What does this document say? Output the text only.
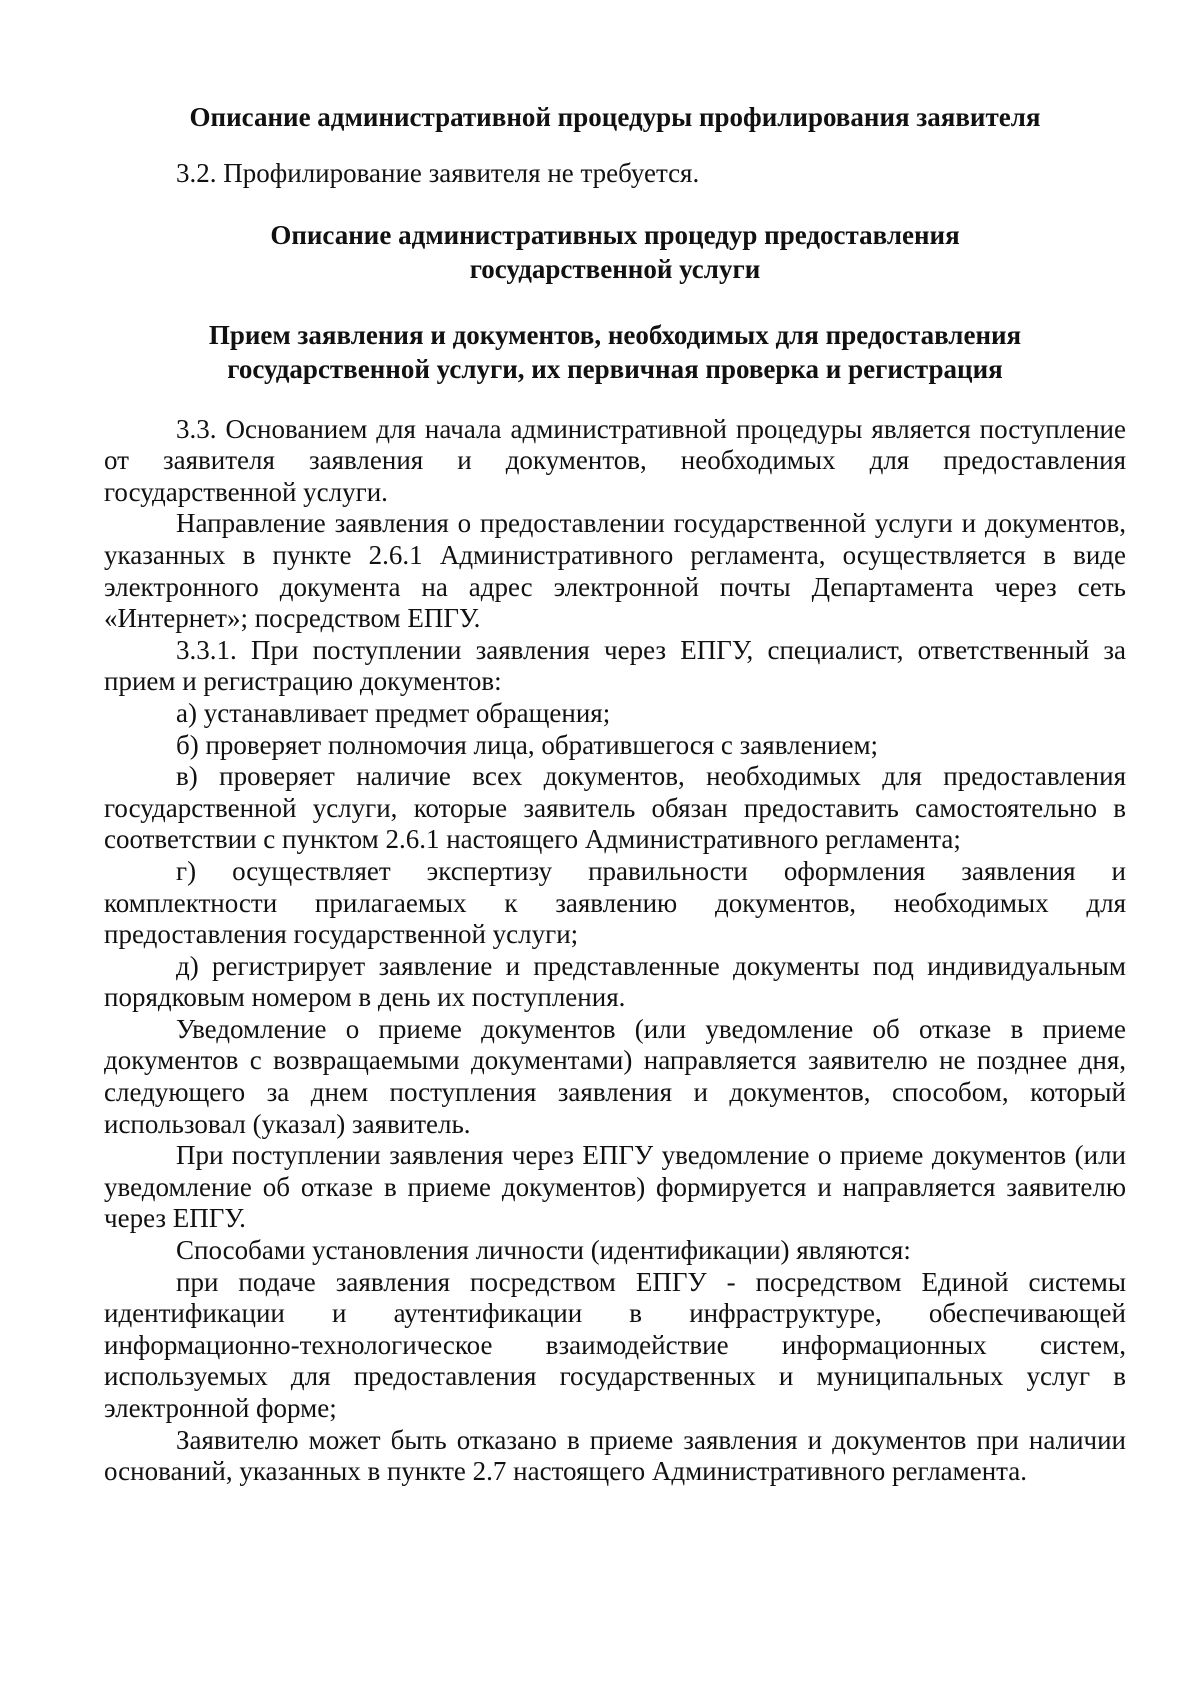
Описание административной процедуры профилирования заявителя

3.2. Профилирование заявителя не требуется.

Описание административных процедур предоставления
государственной услуги
Прием заявления и документов, необходимых для предоставления
государственной услуги, их первичная проверка и регистрация

3.3. Основанием для начала административной процедуры является поступление от заявителя заявления и документов, необходимых для предоставления государственной услуги.

Направление заявления о предоставлении государственной услуги и документов, указанных в пункте 2.6.1 Административного регламента, осуществляется в виде электронного документа на адрес электронной почты Департамента через сеть «Интернет»; посредством ЕПГУ.

3.3.1. При поступлении заявления через ЕПГУ, специалист, ответственный за прием и регистрацию документов:

а) устанавливает предмет обращения;

б) проверяет полномочия лица, обратившегося с заявлением;

в) проверяет наличие всех документов, необходимых для предоставления государственной услуги, которые заявитель обязан предоставить самостоятельно в соответствии с пунктом 2.6.1 настоящего Административного регламента;

г) осуществляет экспертизу правильности оформления заявления и комплектности прилагаемых к заявлению документов, необходимых для предоставления государственной услуги;

д) регистрирует заявление и представленные документы под индивидуальным порядковым номером в день их поступления.

Уведомление о приеме документов (или уведомление об отказе в приеме документов с возвращаемыми документами) направляется заявителю не позднее дня, следующего за днем поступления заявления и документов, способом, который использовал (указал) заявитель.

При поступлении заявления через ЕПГУ уведомление о приеме документов (или уведомление об отказе в приеме документов) формируется и направляется заявителю через ЕПГУ.

Способами установления личности (идентификации) являются:

при подаче заявления посредством ЕПГУ - посредством Единой системы идентификации и аутентификации в инфраструктуре, обеспечивающей информационно-технологическое взаимодействие информационных систем, используемых для предоставления государственных и муниципальных услуг в электронной форме;

Заявителю может быть отказано в приеме заявления и документов при наличии оснований, указанных в пункте 2.7 настоящего Административного регламента.
